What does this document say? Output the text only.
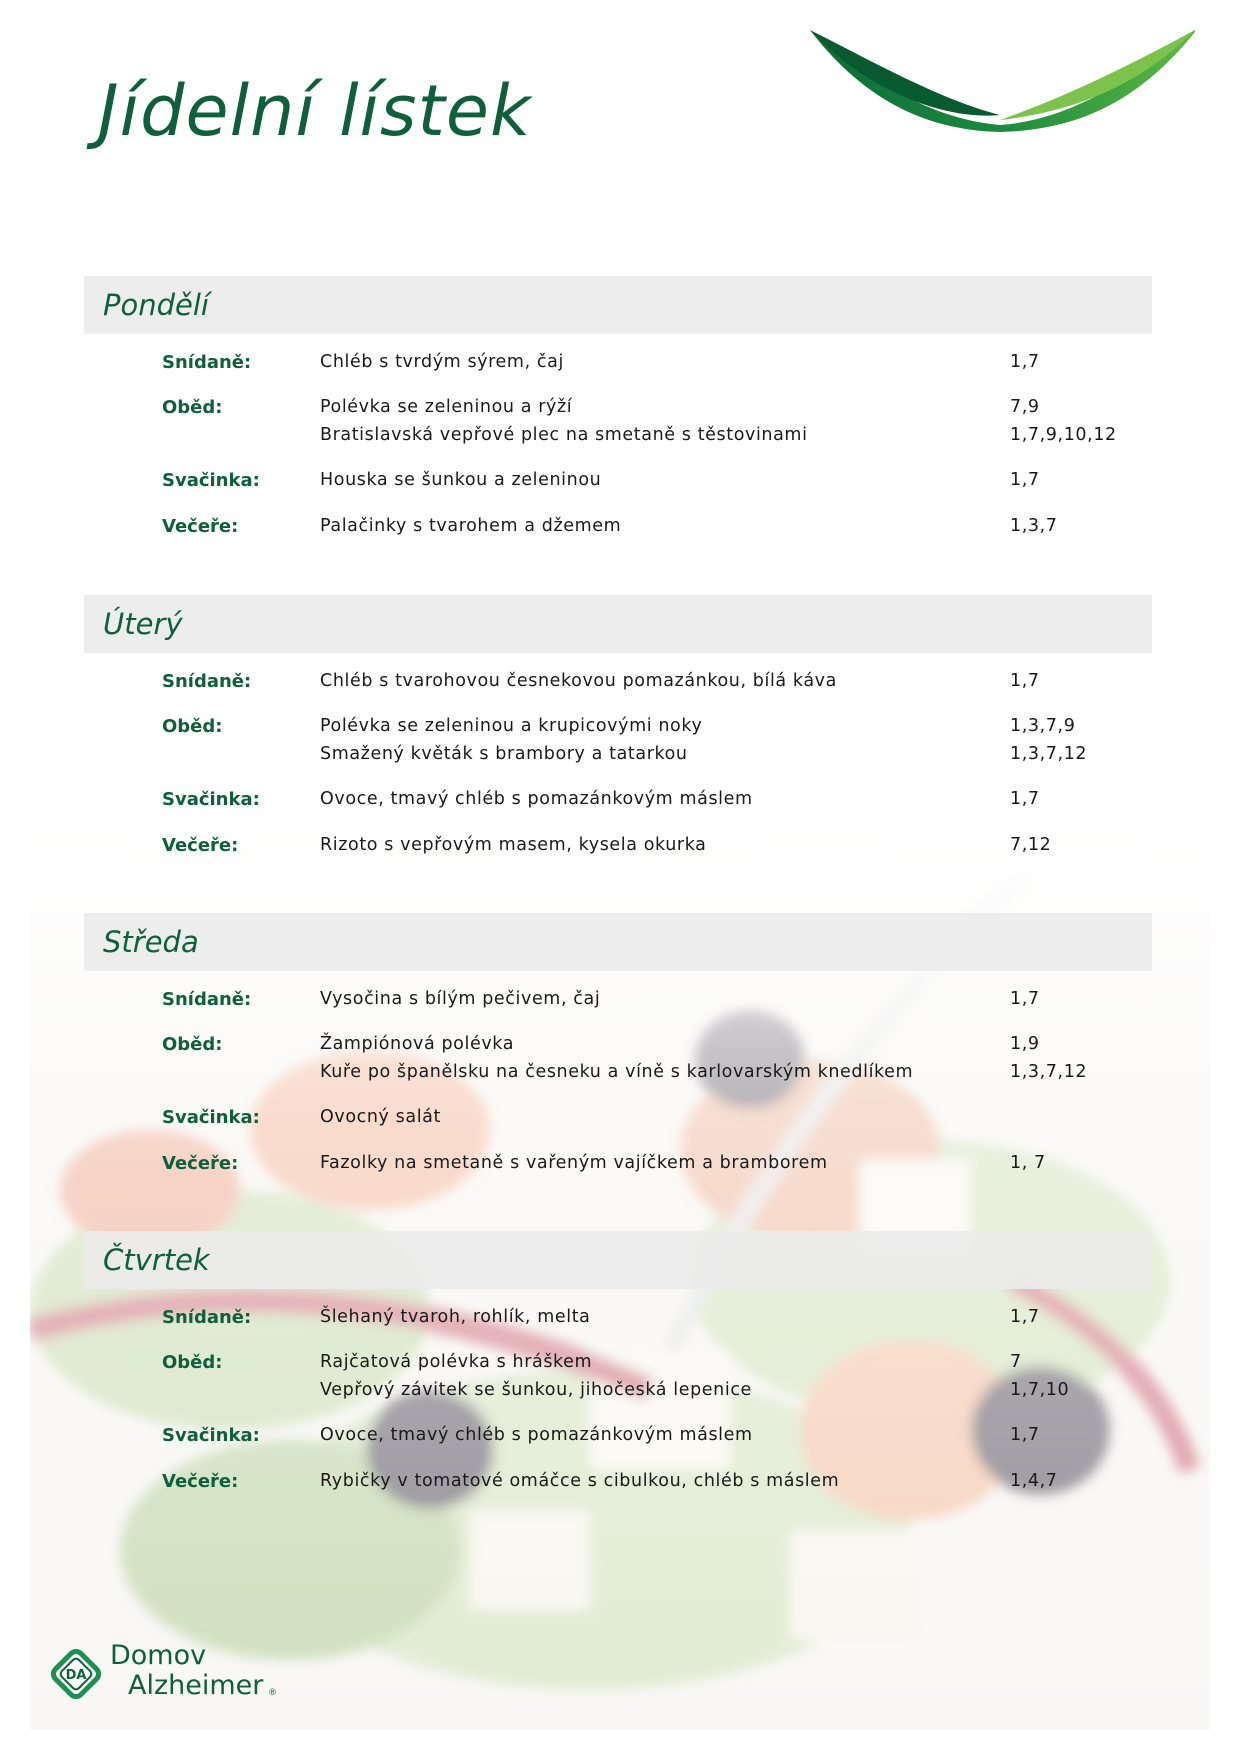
Jídelní lístek
Pondělí
Snídaně:	Chléb s tvrdým sýrem, čaj	1,7
Oběd:	Polévka se zeleninou a rýží	7,9
Bratislavská vepřové plec na smetaně s těstovinami	1,7,9,10,12
Svačinka:	Houska se šunkou a zeleninou	1,7
Večeře:	Palačinky s tvarohem a džemem	1,3,7
Úterý
Snídaně:	Chléb s tvarohovou česnekovou pomazánkou, bílá káva	1,7
Oběd:	Polévka se zeleninou a krupicovými noky	1,3,7,9
Smažený květák s brambory a tatarkou	1,3,7,12
Svačinka:	Ovoce, tmavý chléb s pomazánkovým máslem	1,7
Večeře:	Rizoto s vepřovým masem, kysela okurka	7,12
Středa
Snídaně:	Vysočina s bílým pečivem, čaj	1,7
Oběd:	Žampiónová polévka	1,9
Kuře po španělsku na česneku a víně s karlovarským knedlíkem	1,3,7,12
Svačinka:	Ovocný salát
Večeře:	Fazolky na smetaně s vařeným vajíčkem a bramborem	1, 7
Čtvrtek
Snídaně:	Šlehaný tvaroh, rohlík, melta	1,7
Oběd:	Rajčatová polévka s hráškem	7
Vepřový závitek se šunkou, jihočeská lepenice	1,7,10
Svačinka:	Ovoce, tmavý chléb s pomazánkovým máslem	1,7
Večeře:	Rybičky v tomatové omáčce s cibulkou, chléb s máslem	1,4,7
DA
Domov
Alzheimer ®
